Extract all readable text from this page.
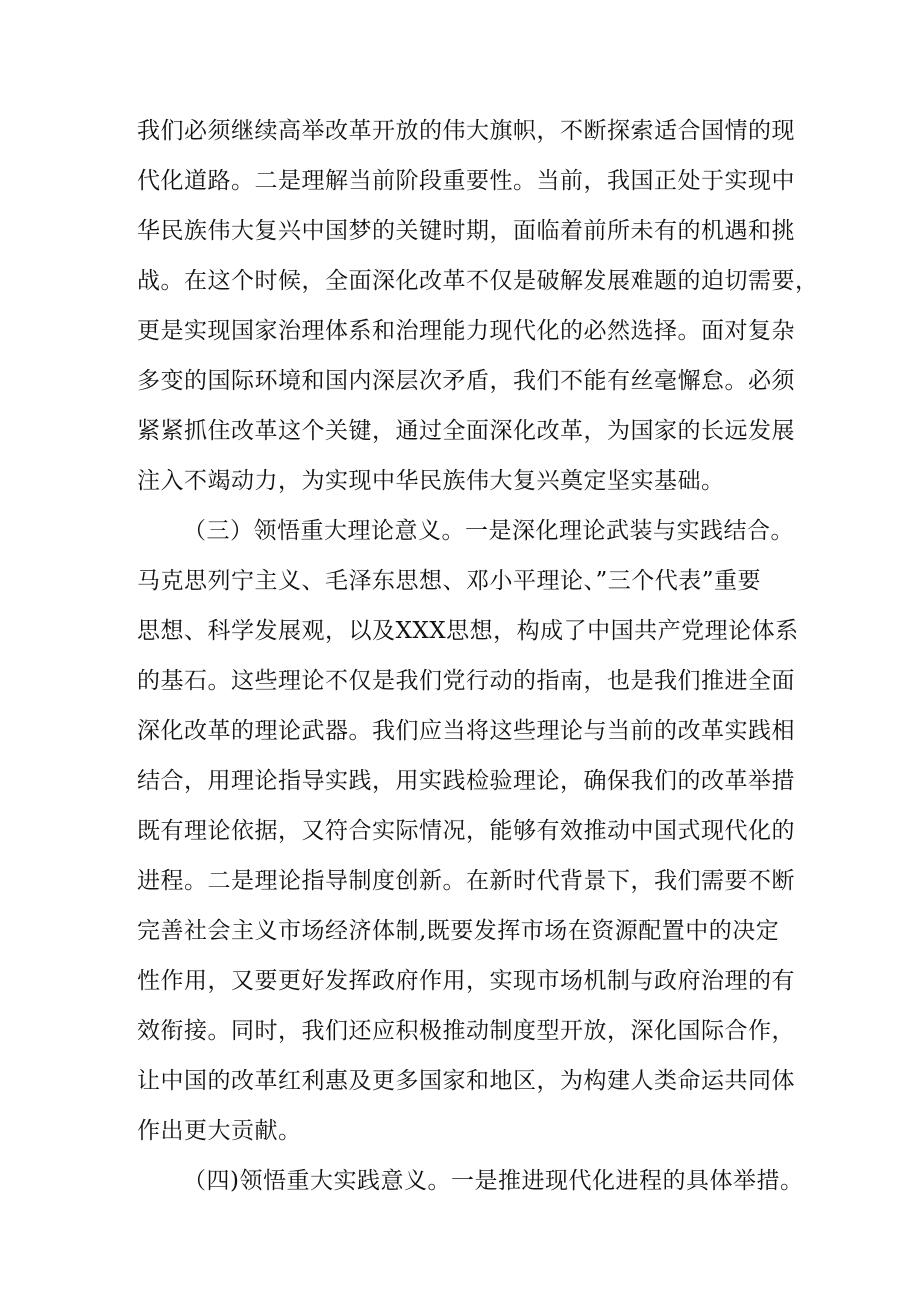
我们必须继续高举改革开放的伟大旗帜，不断探索适合国情的现
代化道路。二是理解当前阶段重要性。当前，我国正处于实现中
华民族伟大复兴中国梦的关键时期，面临着前所未有的机遇和挑
战。在这个时候，全面深化改革不仅是破解发展难题的迫切需要，
更是实现国家治理体系和治理能力现代化的必然选择。面对复杂
多变的国际环境和国内深层次矛盾，我们不能有丝毫懈怠。必须
紧紧抓住改革这个关键，通过全面深化改革，为国家的长远发展
注入不竭动力，为实现中华民族伟大复兴奠定坚实基础。
（三）领悟重大理论意义。一是深化理论武装与实践结合。
马克思列宁主义、毛泽东思想、邓小平理论、”三个代表”重要
思想、科学发展观，以及XXX思想，构成了中国共产党理论体系
的基石。这些理论不仅是我们党行动的指南，也是我们推进全面
深化改革的理论武器。我们应当将这些理论与当前的改革实践相
结合，用理论指导实践，用实践检验理论，确保我们的改革举措
既有理论依据，又符合实际情况，能够有效推动中国式现代化的
进程。二是理论指导制度创新。在新时代背景下，我们需要不断
完善社会主义市场经济体制,既要发挥市场在资源配置中的决定
性作用，又要更好发挥政府作用，实现市场机制与政府治理的有
效衔接。同时，我们还应积极推动制度型开放，深化国际合作，
让中国的改革红利惠及更多国家和地区，为构建人类命运共同体
作出更大贡献。
（四)领悟重大实践意义。一是推进现代化进程的具体举措。
